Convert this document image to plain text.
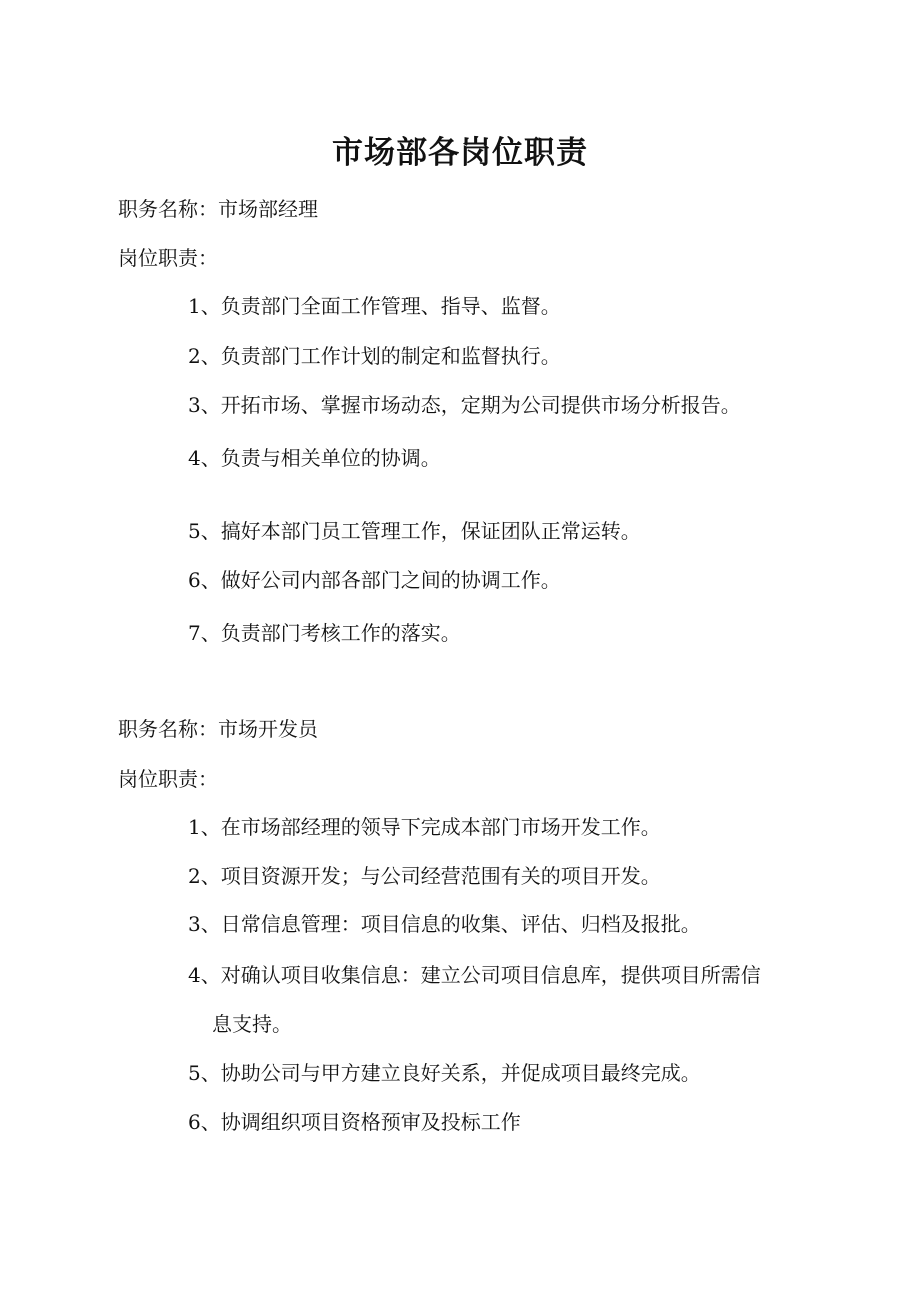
市场部各岗位职责
职务名称：市场部经理
岗位职责：
1、负责部门全面工作管理、指导、监督。
2、负责部门工作计划的制定和监督执行。
3、开拓市场、掌握市场动态，定期为公司提供市场分析报告。
4、负责与相关单位的协调。
5、搞好本部门员工管理工作，保证团队正常运转。
6、做好公司内部各部门之间的协调工作。
7、负责部门考核工作的落实。
职务名称：市场开发员
岗位职责：
1、在市场部经理的领导下完成本部门市场开发工作。
2、项目资源开发；与公司经营范围有关的项目开发。
3、日常信息管理：项目信息的收集、评估、归档及报批。
4、对确认项目收集信息：建立公司项目信息库，提供项目所需信
息支持。
5、协助公司与甲方建立良好关系，并促成项目最终完成。
6、协调组织项目资格预审及投标工作
